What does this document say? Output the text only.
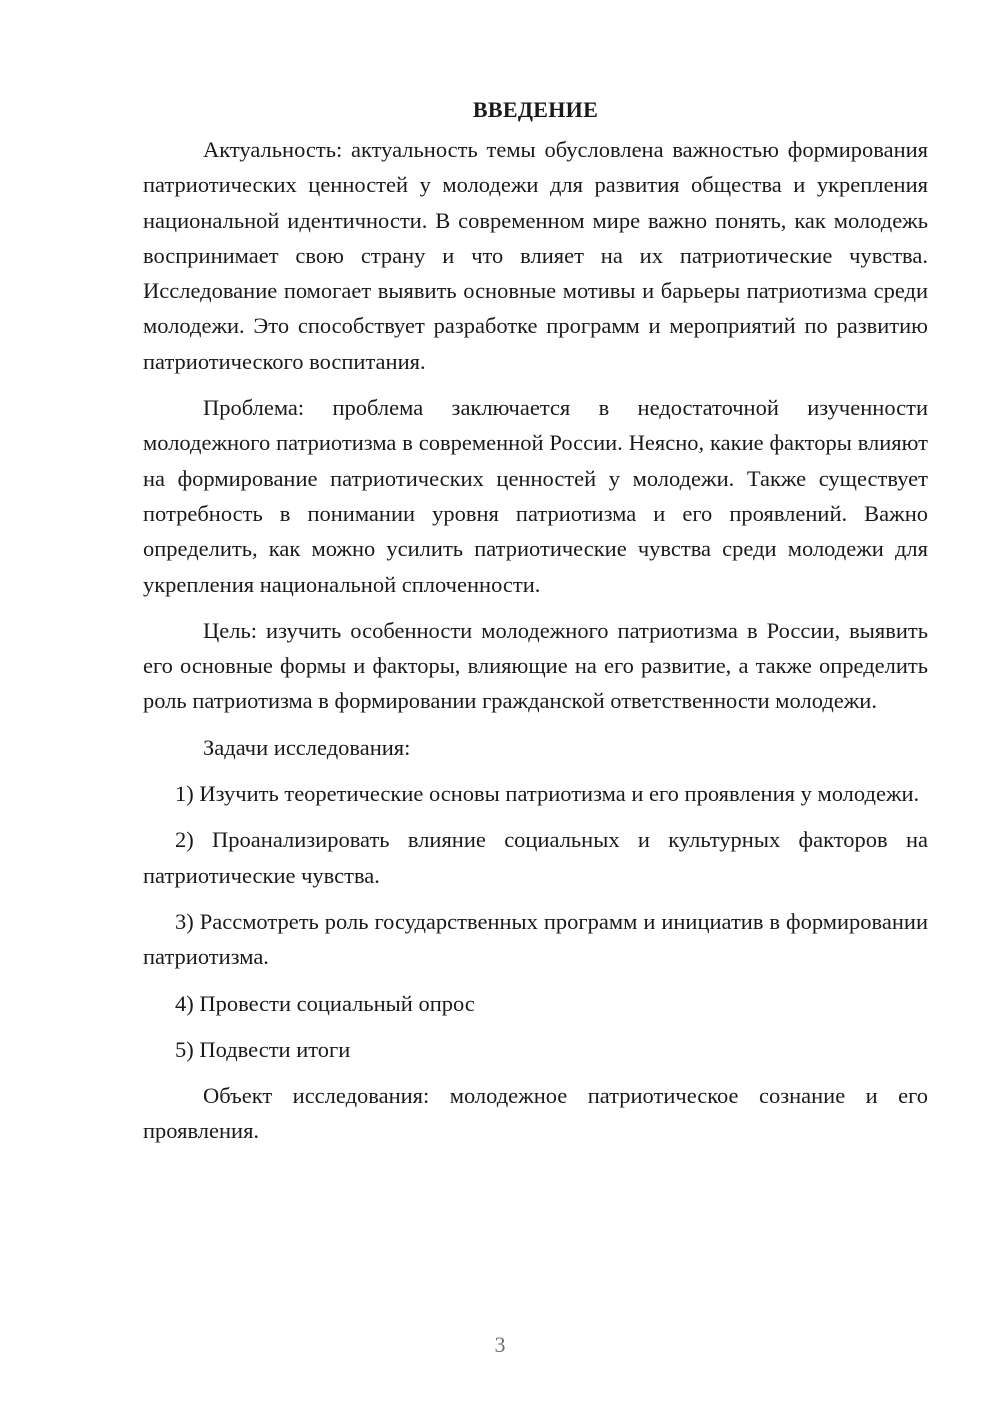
ВВЕДЕНИЕ

Актуальность: актуальность темы обусловлена важностью формирования патриотических ценностей у молодежи для развития общества и укрепления национальной идентичности. В современном мире важно понять, как молодежь воспринимает свою страну и что влияет на их патриотические чувства. Исследование помогает выявить основные мотивы и барьеры патриотизма среди молодежи. Это способствует разработке программ и мероприятий по развитию патриотического воспитания.

Проблема: проблема заключается в недостаточной изученности молодежного патриотизма в современной России. Неясно, какие факторы влияют на формирование патриотических ценностей у молодежи. Также существует потребность в понимании уровня патриотизма и его проявлений. Важно определить, как можно усилить патриотические чувства среди молодежи для укрепления национальной сплоченности.

Цель: изучить особенности молодежного патриотизма в России, выявить его основные формы и факторы, влияющие на его развитие, а также определить роль патриотизма в формировании гражданской ответственности молодежи.

Задачи исследования:

1) Изучить теоретические основы патриотизма и его проявления у молодежи.

2) Проанализировать влияние социальных и культурных факторов на патриотические чувства.

3) Рассмотреть роль государственных программ и инициатив в формировании патриотизма.

4) Провести социальный опрос

5) Подвести итоги

Объект исследования: молодежное патриотическое сознание и его проявления.

3
